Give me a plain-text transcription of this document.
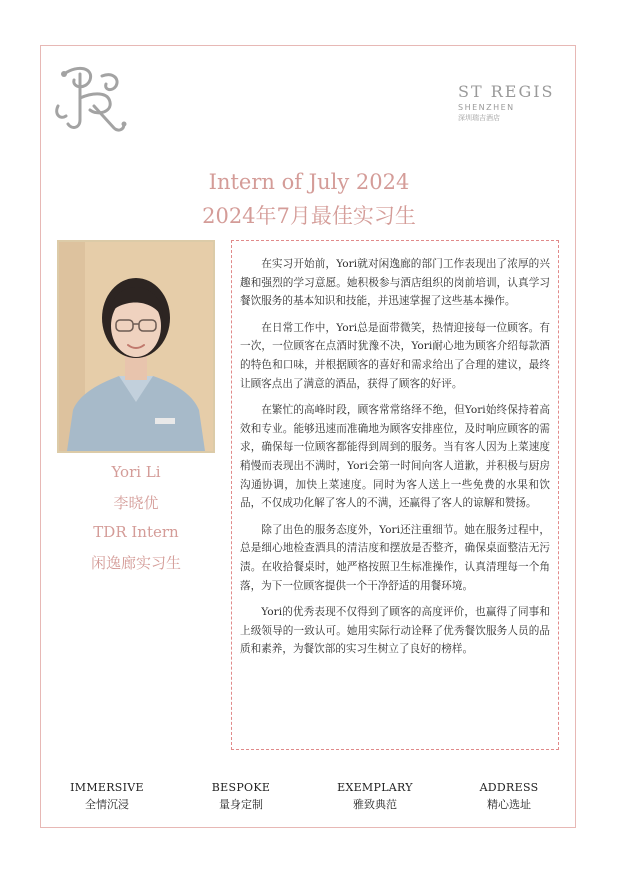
ST REGIS
SHENZHEN
深圳瑞吉酒店
Intern of July 2024
2024年7月最佳实习生
Yori Li
李晓优
TDR Intern
闲逸廊实习生

在实习开始前，Yori就对闲逸廊的部门工作表现出了浓厚的兴趣和强烈的学习意愿。她积极参与酒店组织的岗前培训，认真学习餐饮服务的基本知识和技能，并迅速掌握了这些基本操作。

在日常工作中，Yori总是面带微笑，热情迎接每一位顾客。有一次，一位顾客在点酒时犹豫不决，Yori耐心地为顾客介绍每款酒的特色和口味，并根据顾客的喜好和需求给出了合理的建议，最终让顾客点出了满意的酒品，获得了顾客的好评。

在繁忙的高峰时段，顾客常常络绎不绝，但Yori始终保持着高效和专业。能够迅速而准确地为顾客安排座位，及时响应顾客的需求，确保每一位顾客都能得到周到的服务。当有客人因为上菜速度稍慢而表现出不满时，Yori会第一时间向客人道歉，并积极与厨房沟通协调，加快上菜速度。同时为客人送上一些免费的水果和饮品，不仅成功化解了客人的不满，还赢得了客人的谅解和赞扬。

除了出色的服务态度外，Yori还注重细节。她在服务过程中，总是细心地检查酒具的清洁度和摆放是否整齐，确保桌面整洁无污渍。在收拾餐桌时，她严格按照卫生标准操作，认真清理每一个角落，为下一位顾客提供一个干净舒适的用餐环境。

Yori的优秀表现不仅得到了顾客的高度评价，也赢得了同事和上级领导的一致认可。她用实际行动诠释了优秀餐饮服务人员的品质和素养，为餐饮部的实习生树立了良好的榜样。

IMMERSIVE
全情沉浸
BESPOKE
量身定制
EXEMPLARY
雅致典范
ADDRESS
精心选址
